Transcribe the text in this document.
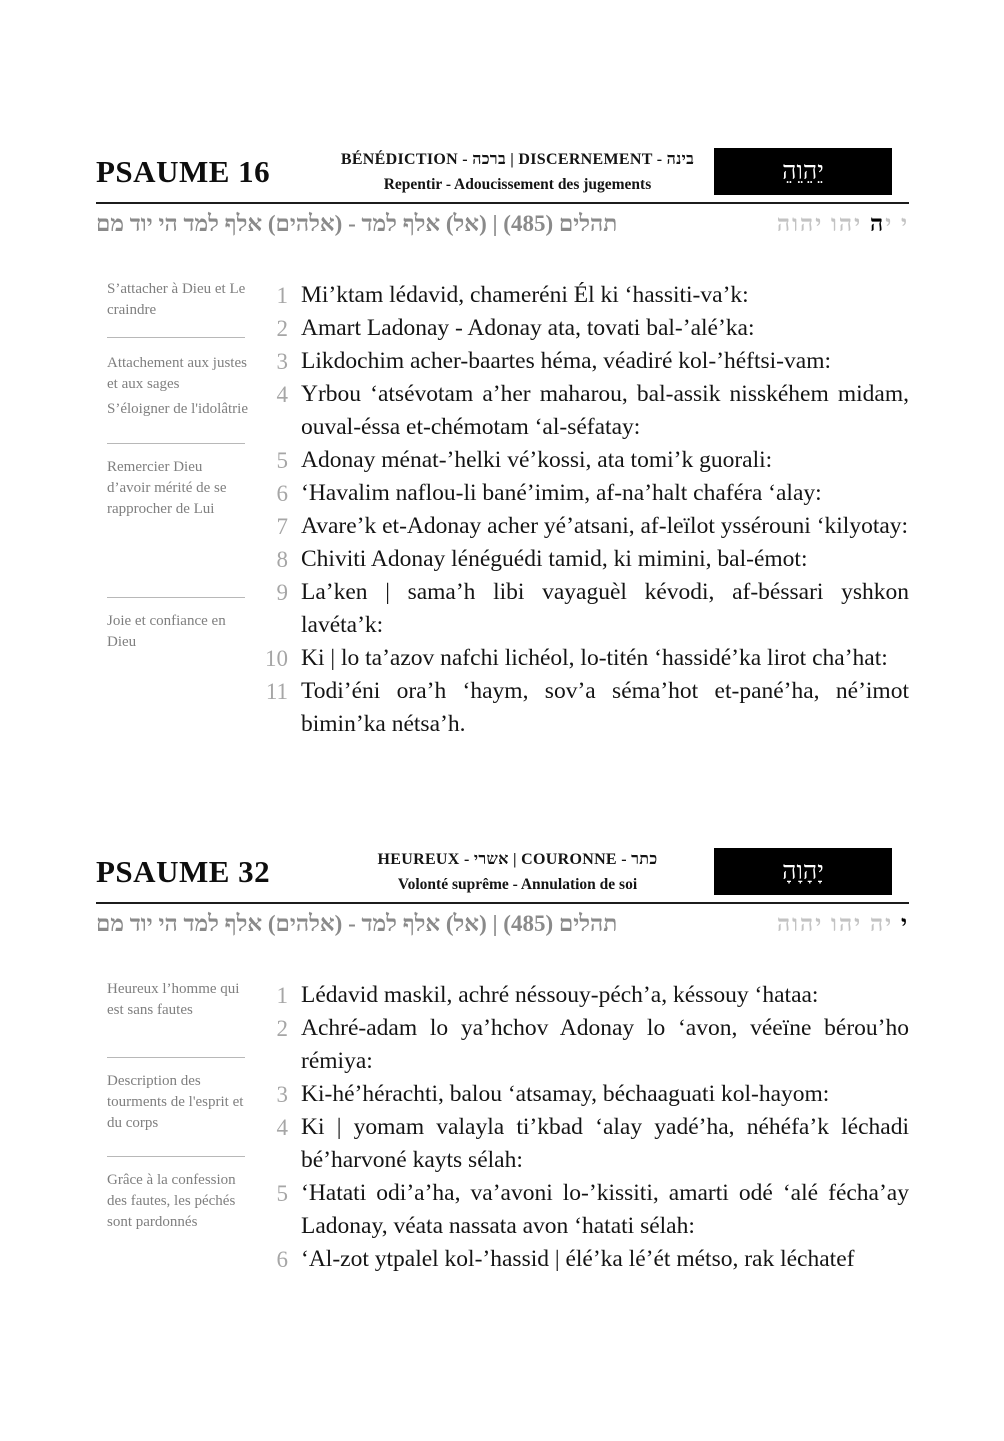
PSAUME 16	BÉNÉDICTION - ברכה | DISCERNEMENT - בינה
Repentir - Adoucissement des jugements	יֵהֵוֵהֵ
תהלים (485) | (אל) אלף למד - (אלהים) אלף למד הי יוד מם	י יה יהו יהוה
S’attacher à Dieu et Le craindre
Attachement aux justes et aux sages
S’éloigner de l'idolâtrie
Remercier Dieu d’avoir mérité de se rapprocher de Lui
Joie et confiance en Dieu
1 Mi’ktam lédavid, chameréni Él ki ‘hassiti-va’k:
2 Amart Ladonay - Adonay ata, tovati bal-’alé’ka:
3 Likdochim acher-baartes héma, véadiré kol-’héftsi-vam:
4 Yrbou ‘atsévotam a’her maharou, bal-assik nisskéhem midam, ouval-éssa et-chémotam ‘al-séfatay:
5 Adonay ménat-’helki vé’kossi, ata tomi’k guorali:
6 ‘Havalim naflou-li bané’imim, af-na’halt chaféra ‘alay:
7 Avare’k et-Adonay acher yé’atsani, af-leïlot yssérouni ‘kilyotay:
8 Chiviti Adonay lénéguédi tamid, ki mimini, bal-émot:
9 La’ken | sama’h libi vayaguèl kévodi, af-béssari yshkon lavéta’k:
10 Ki | lo ta’azov nafchi lichéol, lo-titén ‘hassidé’ka lirot cha’hat:
11 Todi’éni ora’h ‘haym, sov’a séma’hot et-pané’ha, né’imot bimin’ka nétsa’h.
PSAUME 32	HEUREUX - אשרי | COURONNE - כתר
Volonté suprême - Annulation de soi	יָהָוָהָ
תהלים (485) | (אל) אלף למד - (אלהים) אלף למד הי יוד מם	י יה יהו יהוה
Heureux l’homme qui est sans fautes
Description des tourments de l'esprit et du corps
Grâce à la confession des fautes, les péchés sont pardonnés
1 Lédavid maskil, achré néssouy-péch’a, késsouy ‘hataa:
2 Achré-adam lo ya’hchov Adonay lo ‘avon, véeïne bérou’ho rémiya:
3 Ki-hé’hérachti, balou ‘atsamay, béchaaguati kol-hayom:
4 Ki | yomam valayla ti’kbad ‘alay yadé’ha, néhéfa’k léchadi bé’harvoné kayts sélah:
5 ‘Hatati odi’a’ha, va’avoni lo-’kissiti, amarti odé ‘alé fécha’ay Ladonay, véata nassata avon ‘hatati sélah:
6 ‘Al-zot ytpalel kol-’hassid | élé’ka lé’ét métso, rak léchatef
